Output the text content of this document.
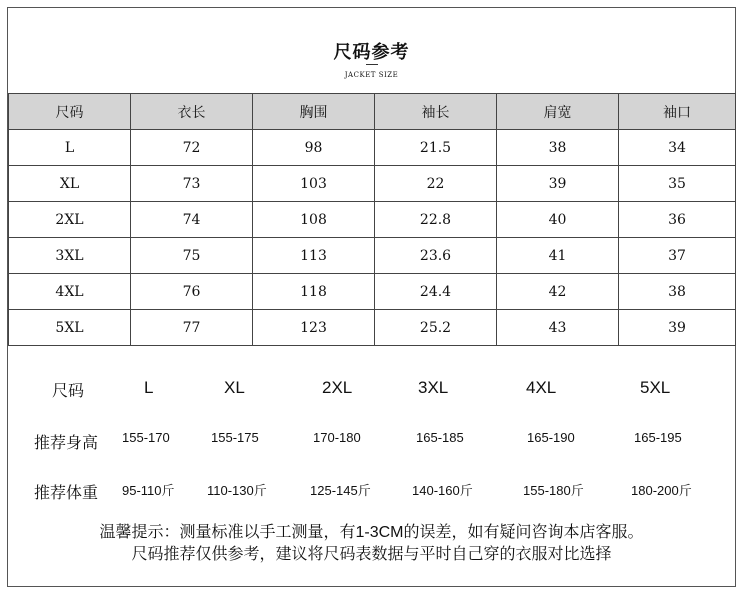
尺码参考
JACKET SIZE
尺码	衣长	胸围	袖长	肩宽	袖口
L	72	98	21.5	38	34
XL	73	103	22	39	35
2XL	74	108	22.8	40	36
3XL	75	113	23.6	41	37
4XL	76	118	24.4	42	38
5XL	77	123	25.2	43	39
尺码	L	XL	2XL	3XL	4XL	5XL
推荐身高 155-170	155-175	170-180	165-185	165-190	165-195
推荐体重 95-110斤 110-130斤	125-145斤	140-160斤	155-180斤	180-200斤
温馨提示：测量标准以手工测量，有1-3CM的误差，如有疑问咨询本店客服。
尺码推荐仅供参考，建议将尺码表数据与平时自己穿的衣服对比选择
